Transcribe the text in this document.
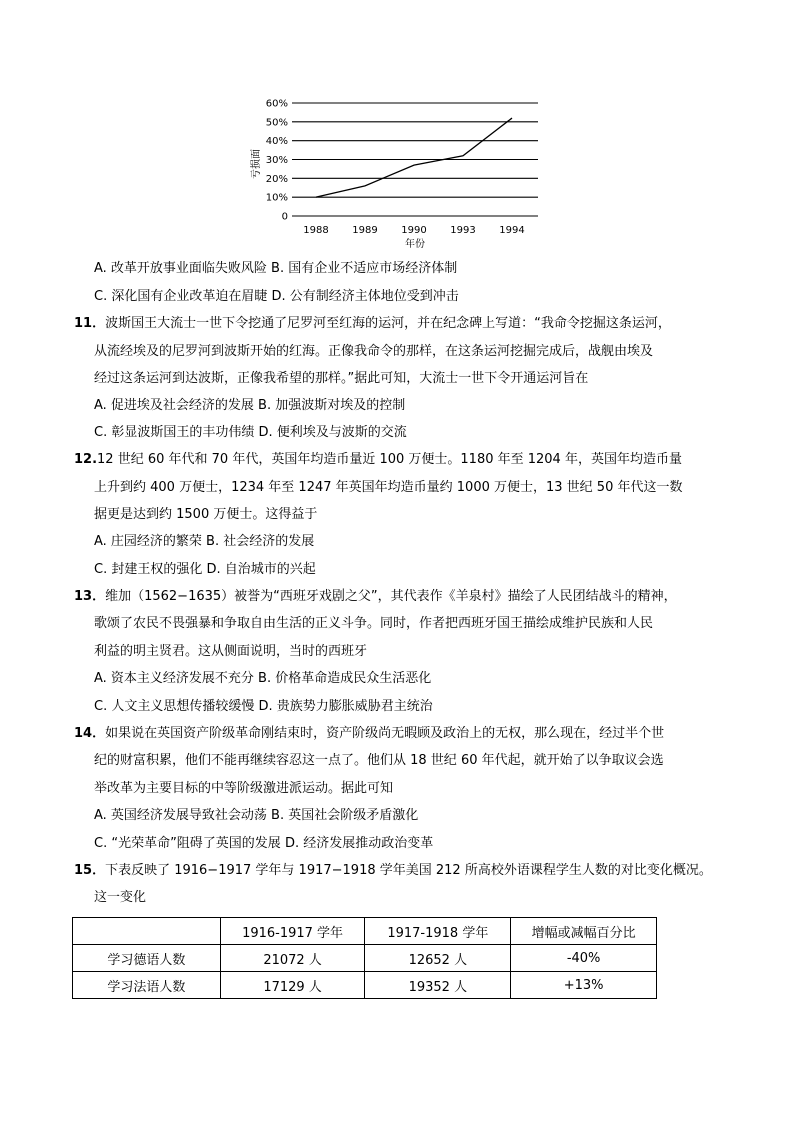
0
10%
20%
30%
40%
50%
60%
1988 1989 1990 1993 1994
亏损面
年份
A. 改革开放事业面临失败风险 B. 国有企业不适应市场经济体制
C. 深化国有企业改革迫在眉睫 D. 公有制经济主体地位受到冲击
11．波斯国王大流士一世下令挖通了尼罗河至红海的运河，并在纪念碑上写道：“我命令挖掘这条运河，
从流经埃及的尼罗河到波斯开始的红海。正像我命令的那样，在这条运河挖掘完成后，战舰由埃及
经过这条运河到达波斯，正像我希望的那样。”据此可知，大流士一世下令开通运河旨在
A. 促进埃及社会经济的发展 B. 加强波斯对埃及的控制
C. 彰显波斯国王的丰功伟绩 D. 便利埃及与波斯的交流
12.12 世纪 60 年代和 70 年代，英国年均造币量近 100 万便士。1180 年至 1204 年，英国年均造币量
上升到约 400 万便士，1234 年至 1247 年英国年均造币量约 1000 万便士，13 世纪 50 年代这一数
据更是达到约 1500 万便士。这得益于
A. 庄园经济的繁荣 B. 社会经济的发展
C. 封建王权的强化 D. 自治城市的兴起
13．维加（1562−1635）被誉为“西班牙戏剧之父”，其代表作《羊泉村》描绘了人民团结战斗的精神，
歌颂了农民不畏强暴和争取自由生活的正义斗争。同时，作者把西班牙国王描绘成维护民族和人民
利益的明主贤君。这从侧面说明，当时的西班牙
A. 资本主义经济发展不充分 B. 价格革命造成民众生活恶化
C. 人文主义思想传播较缓慢 D. 贵族势力膨胀威胁君主统治
14．如果说在英国资产阶级革命刚结束时，资产阶级尚无暇顾及政治上的无权，那么现在，经过半个世
纪的财富积累，他们不能再继续容忍这一点了。他们从 18 世纪 60 年代起，就开始了以争取议会选
举改革为主要目标的中等阶级激进派运动。据此可知
A. 英国经济发展导致社会动荡 B. 英国社会阶级矛盾激化
C. “光荣革命”阻碍了英国的发展 D. 经济发展推动政治变革
15．下表反映了 1916−1917 学年与 1917−1918 学年美国 212 所高校外语课程学生人数的对比变化概况。
这一变化
	1916-1917 学年	1917-1918 学年	增幅或减幅百分比
学习德语人数	21072 人	12652 人	-40%
学习法语人数	17129 人	19352 人	+13%
